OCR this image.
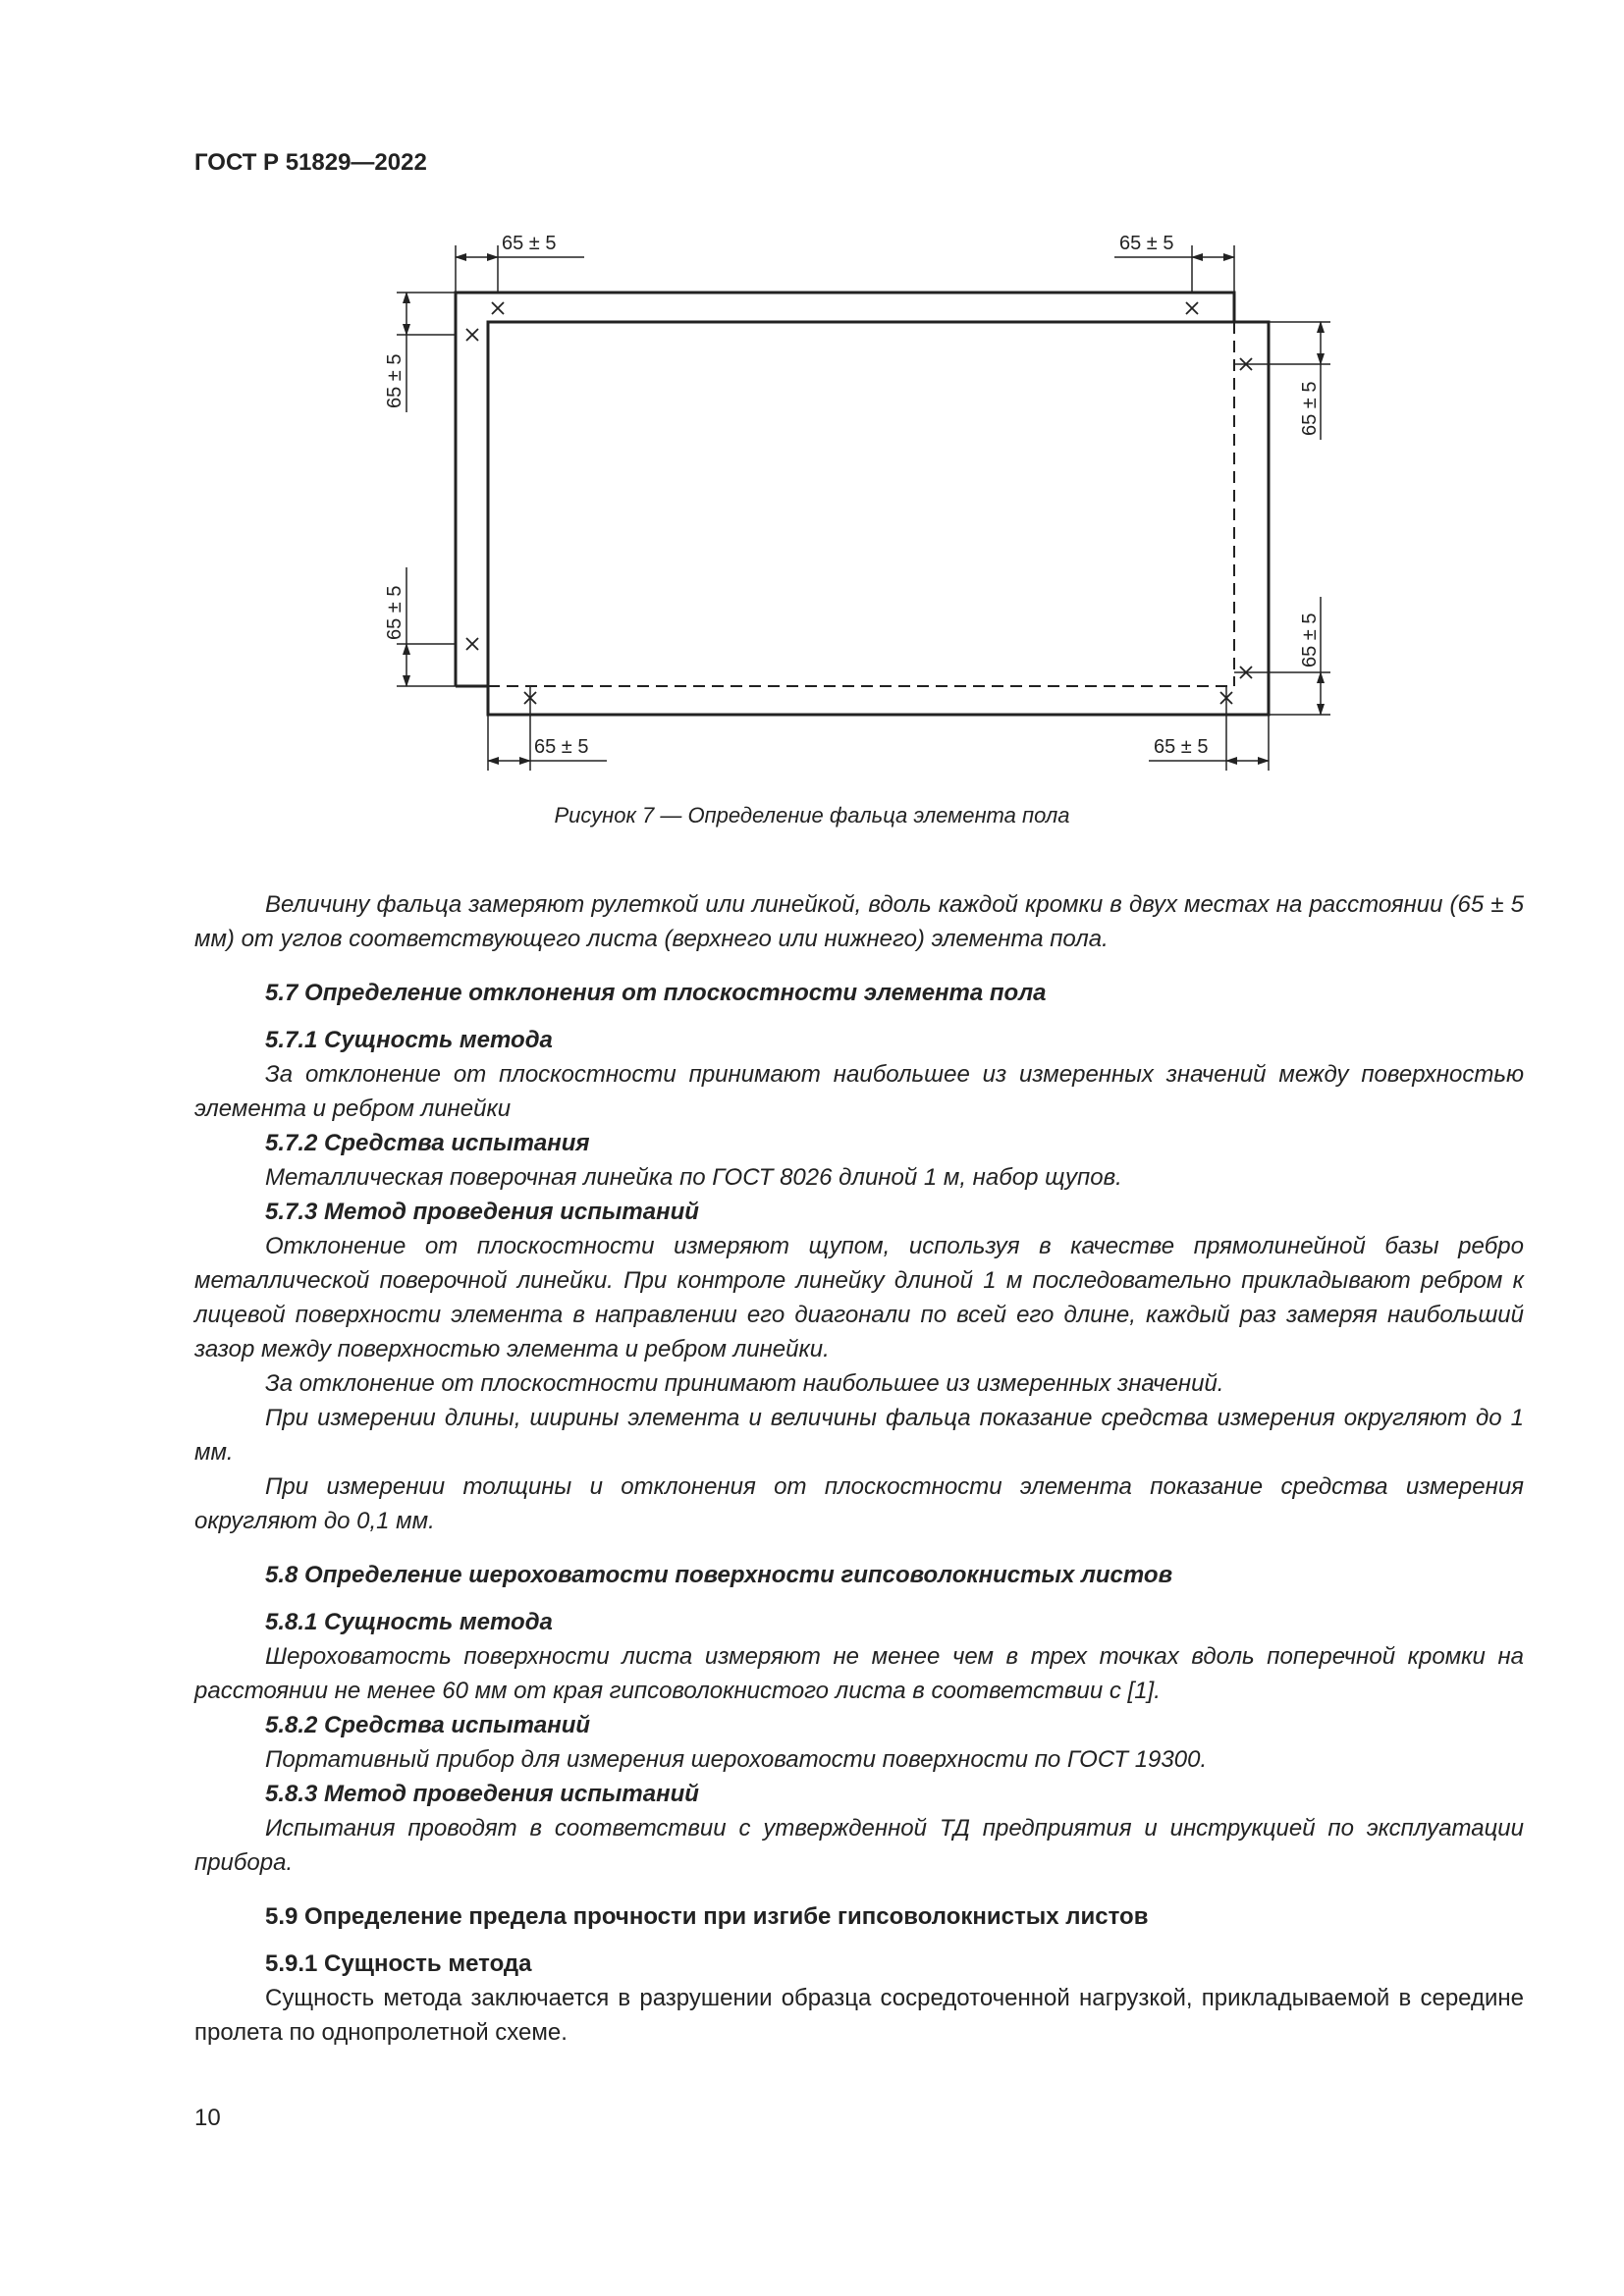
ГОСТ Р 51829—2022
65 ± 5	65 ± 5
65 ± 5	65 ± 5
65 ± 5
65 ± 5
65 ± 5
65 ± 5
Рисунок 7 — Определение фальца элемента пола

Величину фальца замеряют рулеткой или линейкой, вдоль каждой кромки в двух местах на расстоянии (65 ± 5 мм) от углов соответствующего листа (верхнего или нижнего) элемента пола.

5.7 Определение отклонения от плоскостности элемента пола

5.7.1 Сущность метода

За отклонение от плоскостности принимают наибольшее из измеренных значений между поверхностью элемента и ребром линейки

5.7.2 Средства испытания

Металлическая поверочная линейка по ГОСТ 8026 длиной 1 м, набор щупов.

5.7.3 Метод проведения испытаний

Отклонение от плоскостности измеряют щупом, используя в качестве прямолинейной базы ребро металлической поверочной линейки. При контроле линейку длиной 1 м последовательно прикладывают ребром к лицевой поверхности элемента в направлении его диагонали по всей его длине, каждый раз замеряя наибольший зазор между поверхностью элемента и ребром линейки.

За отклонение от плоскостности принимают наибольшее из измеренных значений.

При измерении длины, ширины элемента и величины фальца показание средства измерения округляют до 1 мм.

При измерении толщины и отклонения от плоскостности элемента показание средства измерения округляют до 0,1 мм.

5.8 Определение шероховатости поверхности гипсоволокнистых листов

5.8.1 Сущность метода

Шероховатость поверхности листа измеряют не менее чем в трех точках вдоль поперечной кромки на расстоянии не менее 60 мм от края гипсоволокнистого листа в соответствии с [1].

5.8.2 Средства испытаний

Портативный прибор для измерения шероховатости поверхности по ГОСТ 19300.

5.8.3 Метод проведения испытаний

Испытания проводят в соответствии с утвержденной ТД предприятия и инструкцией по эксплуатации прибора.

5.9 Определение предела прочности при изгибе гипсоволокнистых листов

5.9.1 Сущность метода

Сущность метода заключается в разрушении образца сосредоточенной нагрузкой, прикладываемой в середине пролета по однопролетной схеме.

10
